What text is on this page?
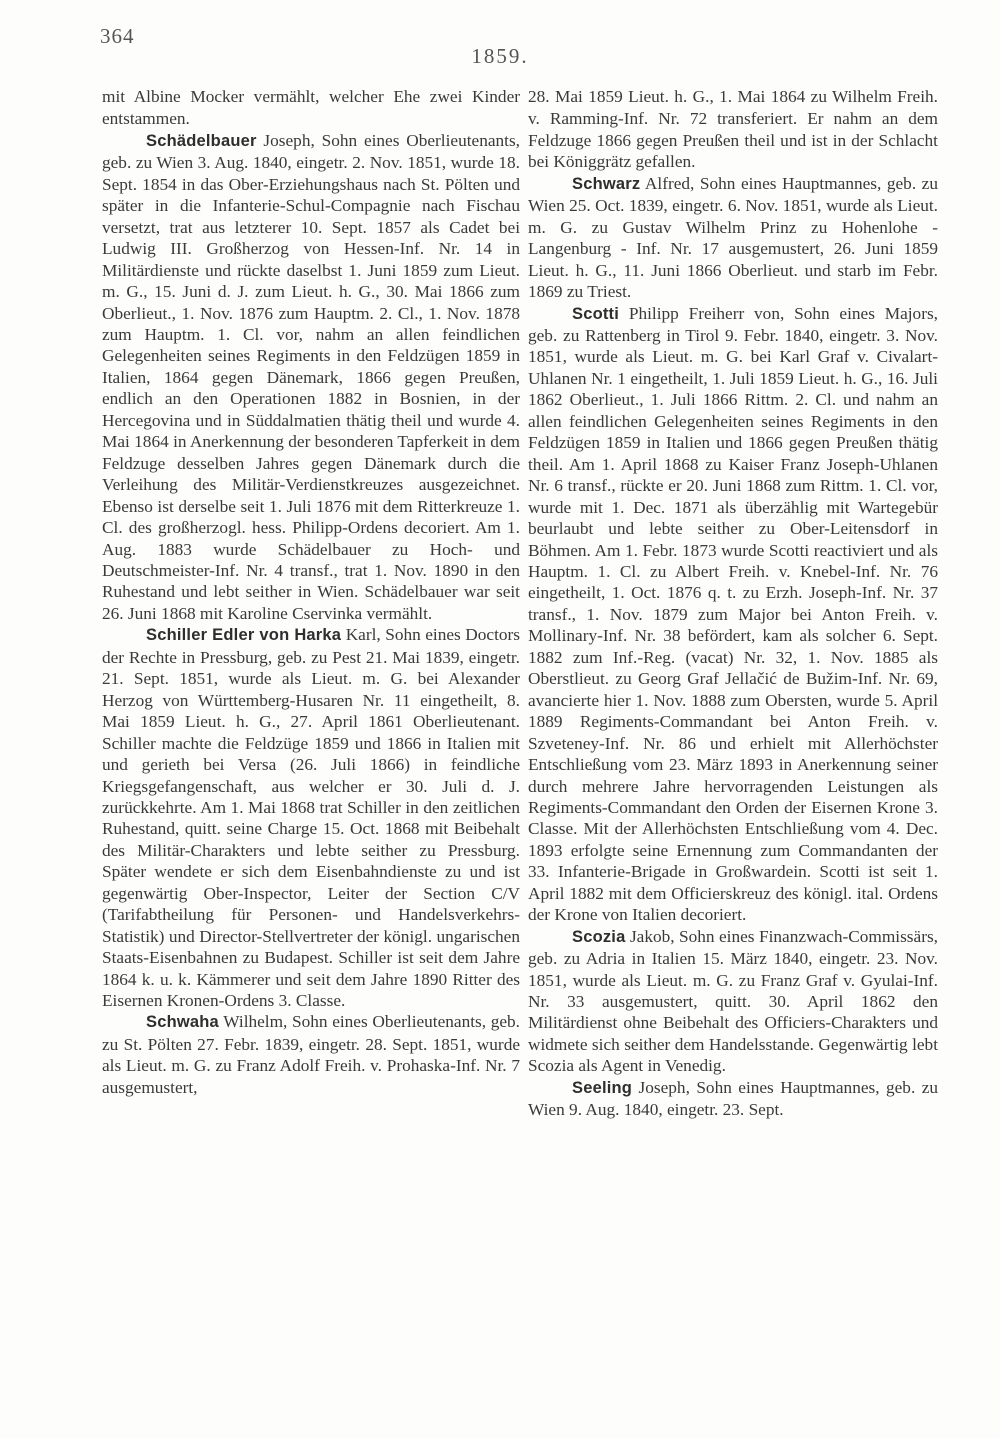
364
1859.

mit Albine Mocker vermählt, welcher Ehe zwei Kinder entstammen.

Schädelbauer Joseph, Sohn eines Oberlieutenants, geb. zu Wien 3. Aug. 1840, eingetr. 2. Nov. 1851, wurde 18. Sept. 1854 in das Ober-Erziehungshaus nach St. Pölten und später in die Infanterie-Schul-Compagnie nach Fischau versetzt, trat aus letzterer 10. Sept. 1857 als Cadet bei Ludwig III. Großherzog von Hessen-Inf. Nr. 14 in Militärdienste und rückte daselbst 1. Juni 1859 zum Lieut. m. G., 15. Juni d. J. zum Lieut. h. G., 30. Mai 1866 zum Oberlieut., 1. Nov. 1876 zum Hauptm. 2. Cl., 1. Nov. 1878 zum Hauptm. 1. Cl. vor, nahm an allen feindlichen Gelegenheiten seines Regiments in den Feldzügen 1859 in Italien, 1864 gegen Dänemark, 1866 gegen Preußen, endlich an den Operationen 1882 in Bosnien, in der Hercegovina und in Süddalmatien thätig theil und wurde 4. Mai 1864 in Anerkennung der besonderen Tapferkeit in dem Feldzuge desselben Jahres gegen Dänemark durch die Verleihung des Militär-Verdienstkreuzes ausgezeichnet. Ebenso ist derselbe seit 1. Juli 1876 mit dem Ritterkreuze 1. Cl. des großherzogl. hess. Philipp-Ordens decoriert. Am 1. Aug. 1883 wurde Schädelbauer zu Hoch- und Deutschmeister-Inf. Nr. 4 transf., trat 1. Nov. 1890 in den Ruhestand und lebt seither in Wien. Schädelbauer war seit 26. Juni 1868 mit Karoline Cservinka vermählt.

Schiller Edler von Harka Karl, Sohn eines Doctors der Rechte in Pressburg, geb. zu Pest 21. Mai 1839, eingetr. 21. Sept. 1851, wurde als Lieut. m. G. bei Alexander Herzog von Württemberg-Husaren Nr. 11 eingetheilt, 8. Mai 1859 Lieut. h. G., 27. April 1861 Oberlieutenant. Schiller machte die Feldzüge 1859 und 1866 in Italien mit und gerieth bei Versa (26. Juli 1866) in feindliche Kriegsgefangenschaft, aus welcher er 30. Juli d. J. zurückkehrte. Am 1. Mai 1868 trat Schiller in den zeitlichen Ruhestand, quitt. seine Charge 15. Oct. 1868 mit Beibehalt des Militär-Charakters und lebte seither zu Pressburg. Später wendete er sich dem Eisenbahndienste zu und ist gegenwärtig Ober-Inspector, Leiter der Section C/V (Tarifabtheilung für Personen- und Handelsverkehrs-Statistik) und Director-Stellvertreter der königl. ungarischen Staats-Eisenbahnen zu Budapest. Schiller ist seit dem Jahre 1864 k. u. k. Kämmerer und seit dem Jahre 1890 Ritter des Eisernen Kronen-Ordens 3. Classe.

Schwaha Wilhelm, Sohn eines Oberlieutenants, geb. zu St. Pölten 27. Febr. 1839, eingetr. 28. Sept. 1851, wurde als Lieut. m. G. zu Franz Adolf Freih. v. Prohaska-Inf. Nr. 7 ausgemustert,

28. Mai 1859 Lieut. h. G., 1. Mai 1864 zu Wilhelm Freih. v. Ramming-Inf. Nr. 72 transferiert. Er nahm an dem Feldzuge 1866 gegen Preußen theil und ist in der Schlacht bei Königgrätz gefallen.

Schwarz Alfred, Sohn eines Hauptmannes, geb. zu Wien 25. Oct. 1839, eingetr. 6. Nov. 1851, wurde als Lieut. m. G. zu Gustav Wilhelm Prinz zu Hohenlohe - Langenburg - Inf. Nr. 17 ausgemustert, 26. Juni 1859 Lieut. h. G., 11. Juni 1866 Oberlieut. und starb im Febr. 1869 zu Triest.

Scotti Philipp Freiherr von, Sohn eines Majors, geb. zu Rattenberg in Tirol 9. Febr. 1840, eingetr. 3. Nov. 1851, wurde als Lieut. m. G. bei Karl Graf v. Civalart-Uhlanen Nr. 1 eingetheilt, 1. Juli 1859 Lieut. h. G., 16. Juli 1862 Oberlieut., 1. Juli 1866 Rittm. 2. Cl. und nahm an allen feindlichen Gelegenheiten seines Regiments in den Feldzügen 1859 in Italien und 1866 gegen Preußen thätig theil. Am 1. April 1868 zu Kaiser Franz Joseph-Uhlanen Nr. 6 transf., rückte er 20. Juni 1868 zum Rittm. 1. Cl. vor, wurde mit 1. Dec. 1871 als überzählig mit Wartegebür beurlaubt und lebte seither zu Ober-Leitensdorf in Böhmen. Am 1. Febr. 1873 wurde Scotti reactiviert und als Hauptm. 1. Cl. zu Albert Freih. v. Knebel-Inf. Nr. 76 eingetheilt, 1. Oct. 1876 q. t. zu Erzh. Joseph-Inf. Nr. 37 transf., 1. Nov. 1879 zum Major bei Anton Freih. v. Mollinary-Inf. Nr. 38 befördert, kam als solcher 6. Sept. 1882 zum Inf.-Reg. (vacat) Nr. 32, 1. Nov. 1885 als Oberstlieut. zu Georg Graf Jellačić de Bužim-Inf. Nr. 69, avancierte hier 1. Nov. 1888 zum Obersten, wurde 5. April 1889 Regiments-Commandant bei Anton Freih. v. Szveteney-Inf. Nr. 86 und erhielt mit Allerhöchster Entschließung vom 23. März 1893 in Anerkennung seiner durch mehrere Jahre hervorragenden Leistungen als Regiments-Commandant den Orden der Eisernen Krone 3. Classe. Mit der Allerhöchsten Entschließung vom 4. Dec. 1893 erfolgte seine Ernennung zum Commandanten der 33. Infanterie-Brigade in Großwardein. Scotti ist seit 1. April 1882 mit dem Officierskreuz des königl. ital. Ordens der Krone von Italien decoriert.

Scozia Jakob, Sohn eines Finanzwach-Commissärs, geb. zu Adria in Italien 15. März 1840, eingetr. 23. Nov. 1851, wurde als Lieut. m. G. zu Franz Graf v. Gyulai-Inf. Nr. 33 ausgemustert, quitt. 30. April 1862 den Militärdienst ohne Beibehalt des Officiers-Charakters und widmete sich seither dem Handelsstande. Gegenwärtig lebt Scozia als Agent in Venedig.

Seeling Joseph, Sohn eines Hauptmannes, geb. zu Wien 9. Aug. 1840, eingetr. 23. Sept.
